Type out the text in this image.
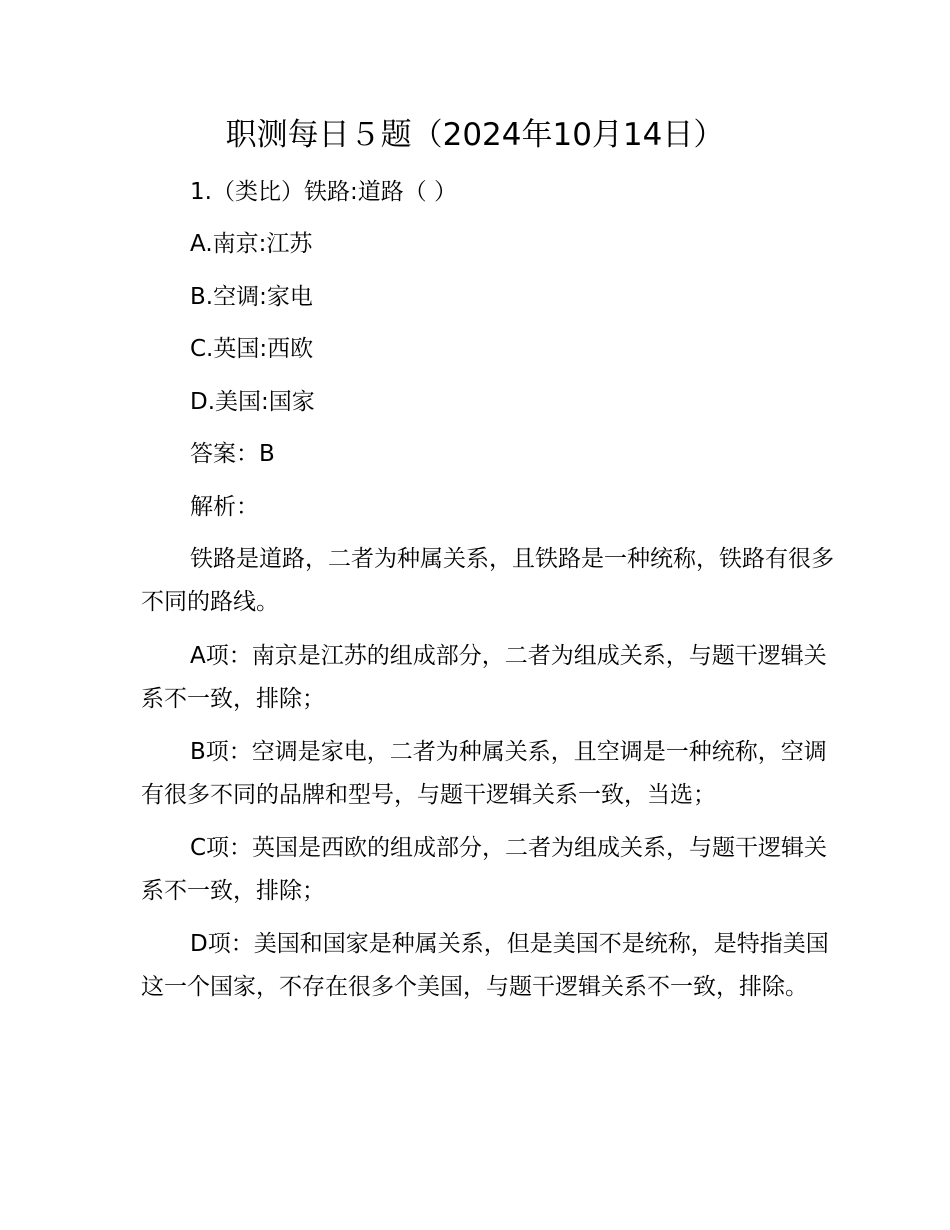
职测每日５题（2024年10月14日）
1.（类比）铁路:道路（ ）
A.南京:江苏
B.空调:家电
C.英国:西欧
D.美国:国家
答案：B
解析：

铁路是道路，二者为种属关系，且铁路是一种统称，铁路有很多不同的路线。

A项：南京是江苏的组成部分，二者为组成关系，与题干逻辑关系不一致，排除；

B项：空调是家电，二者为种属关系，且空调是一种统称，空调有很多不同的品牌和型号，与题干逻辑关系一致，当选；

C项：英国是西欧的组成部分，二者为组成关系，与题干逻辑关系不一致，排除；

D项：美国和国家是种属关系，但是美国不是统称，是特指美国这一个国家，不存在很多个美国，与题干逻辑关系不一致，排除。
